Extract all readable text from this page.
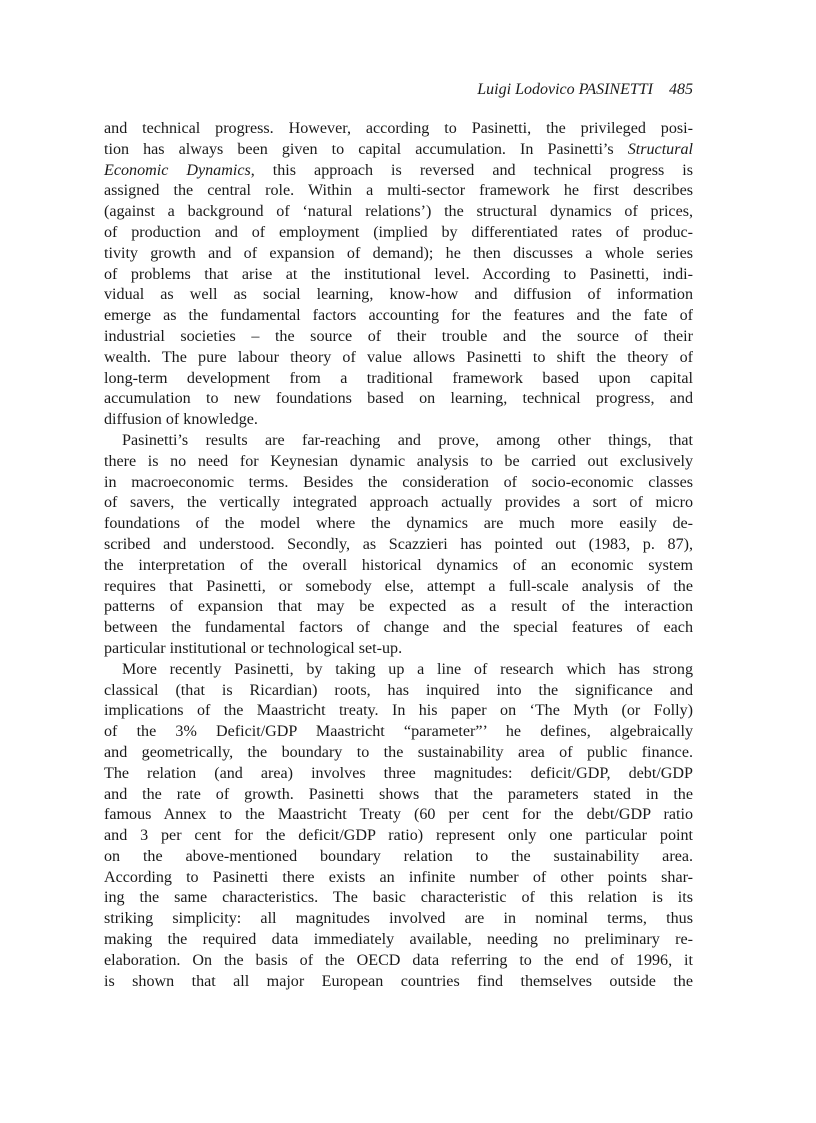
Luigi Lodovico PASINETTI 485
and technical progress. However, according to Pasinetti, the privileged posi-
tion has always been given to capital accumulation. In Pasinetti’s Structural
Economic Dynamics, this approach is reversed and technical progress is
assigned the central role. Within a multi-sector framework he first describes
(against a background of ‘natural relations’) the structural dynamics of prices,
of production and of employment (implied by differentiated rates of produc-
tivity growth and of expansion of demand); he then discusses a whole series
of problems that arise at the institutional level. According to Pasinetti, indi-
vidual as well as social learning, know-how and diffusion of information
emerge as the fundamental factors accounting for the features and the fate of
industrial societies – the source of their trouble and the source of their
wealth. The pure labour theory of value allows Pasinetti to shift the theory of
long-term development from a traditional framework based upon capital
accumulation to new foundations based on learning, technical progress, and
diffusion of knowledge.
Pasinetti’s results are far-reaching and prove, among other things, that
there is no need for Keynesian dynamic analysis to be carried out exclusively
in macroeconomic terms. Besides the consideration of socio-economic classes
of savers, the vertically integrated approach actually provides a sort of micro
foundations of the model where the dynamics are much more easily de-
scribed and understood. Secondly, as Scazzieri has pointed out (1983, p. 87),
the interpretation of the overall historical dynamics of an economic system
requires that Pasinetti, or somebody else, attempt a full-scale analysis of the
patterns of expansion that may be expected as a result of the interaction
between the fundamental factors of change and the special features of each
particular institutional or technological set-up.
More recently Pasinetti, by taking up a line of research which has strong
classical (that is Ricardian) roots, has inquired into the significance and
implications of the Maastricht treaty. In his paper on ‘The Myth (or Folly)
of the 3% Deficit/GDP Maastricht “parameter”’ he defines, algebraically
and geometrically, the boundary to the sustainability area of public finance.
The relation (and area) involves three magnitudes: deficit/GDP, debt/GDP
and the rate of growth. Pasinetti shows that the parameters stated in the
famous Annex to the Maastricht Treaty (60 per cent for the debt/GDP ratio
and 3 per cent for the deficit/GDP ratio) represent only one particular point
on the above-mentioned boundary relation to the sustainability area.
According to Pasinetti there exists an infinite number of other points shar-
ing the same characteristics. The basic characteristic of this relation is its
striking simplicity: all magnitudes involved are in nominal terms, thus
making the required data immediately available, needing no preliminary re-
elaboration. On the basis of the OECD data referring to the end of 1996, it
is shown that all major European countries find themselves outside the
